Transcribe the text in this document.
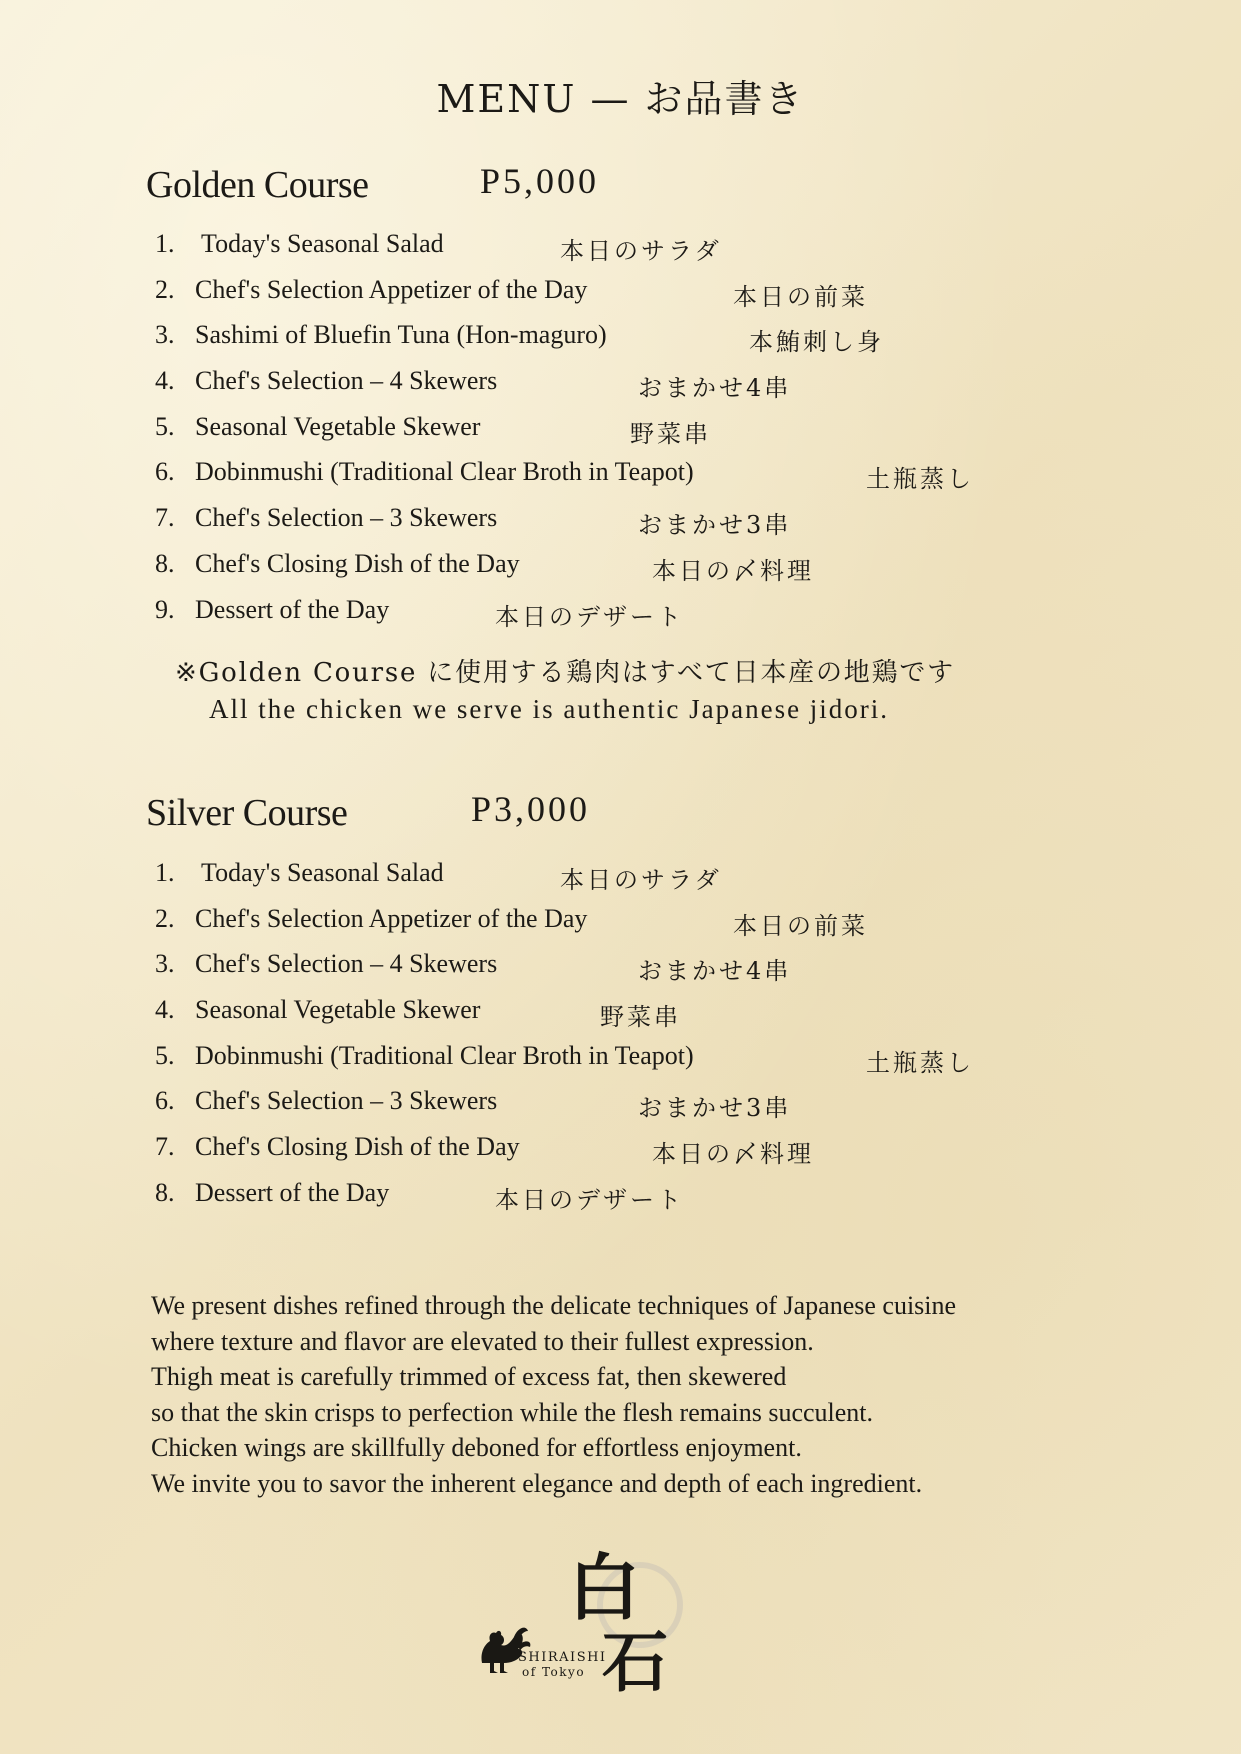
MENU — お品書き
Golden Course	P5,000
1. Today's Seasonal Salad	本日のサラダ
2. Chef's Selection Appetizer of the Day	本日の前菜
3. Sashimi of Bluefin Tuna (Hon-maguro)	本鮪刺し身
4. Chef's Selection – 4 Skewers	おまかせ4串
5. Seasonal Vegetable Skewer	野菜串
6. Dobinmushi (Traditional Clear Broth in Teapot)	土瓶蒸し
7. Chef's Selection – 3 Skewers	おまかせ3串
8. Chef's Closing Dish of the Day	本日の〆料理
9. Dessert of the Day	本日のデザート
※Golden Course に使用する鶏肉はすべて日本産の地鶏です
All the chicken we serve is authentic Japanese jidori.
Silver Course	P3,000
1. Today's Seasonal Salad	本日のサラダ
2. Chef's Selection Appetizer of the Day	本日の前菜
3. Chef's Selection – 4 Skewers	おまかせ4串
4. Seasonal Vegetable Skewer	野菜串
5. Dobinmushi (Traditional Clear Broth in Teapot)	土瓶蒸し
6. Chef's Selection – 3 Skewers	おまかせ3串
7. Chef's Closing Dish of the Day	本日の〆料理
8. Dessert of the Day	本日のデザート

We present dishes refined through the delicate techniques of Japanese cuisine

where texture and flavor are elevated to their fullest expression.

Thigh meat is carefully trimmed of excess fat, then skewered

so that the skin crisps to perfection while the flesh remains succulent.

Chicken wings are skillfully deboned for effortless enjoyment.

We invite you to savor the inherent elegance and depth of each ingredient.

SHIRAISHI
of Tokyo
白
石
